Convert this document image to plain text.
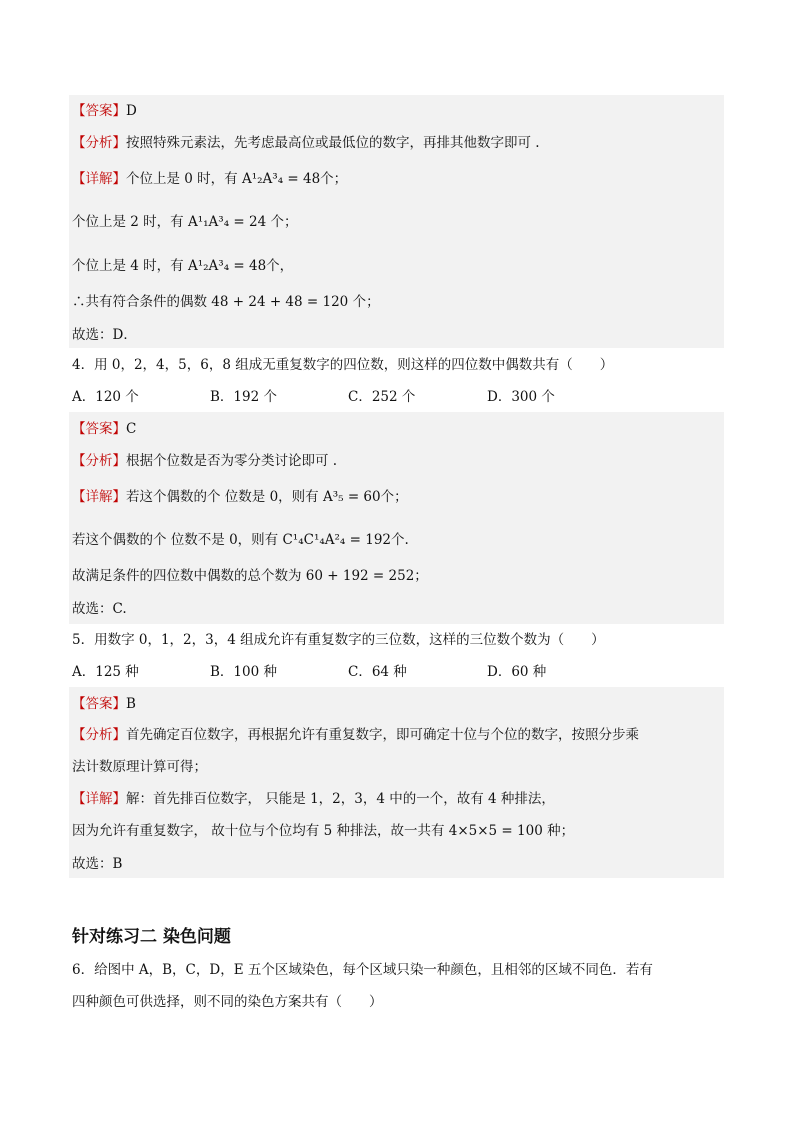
【答案】D
【分析】按照特殊元素法，先考虑最高位或最低位的数字，再排其他数字即可 .
【详解】个位上是 0 时，有 A¹₂A³₄ = 48个；
个位上是 2 时，有 A¹₁A³₄ = 24 个；
个位上是 4 时，有 A¹₂A³₄ = 48个，
∴共有符合条件的偶数 48 + 24 + 48 = 120 个；
故选：D．
4．用 0，2，4，5，6，8 组成无重复数字的四位数，则这样的四位数中偶数共有（　　）
A．120 个	B．192 个	C．252 个	D．300 个
【答案】C
【分析】根据个位数是否为零分类讨论即可 .
【详解】若这个偶数的个 位数是 0，则有 A³₅ = 60个；
若这个偶数的个 位数不是 0，则有 C¹₄C¹₄A²₄ = 192个.
故满足条件的四位数中偶数的总个数为 60 + 192 = 252；
故选：C.
5．用数字 0，1，2，3，4 组成允许有重复数字的三位数，这样的三位数个数为（　　）
A．125 种	B．100 种	C．64 种	D．60 种
【答案】B
【分析】首先确定百位数字，再根据允许有重复数字，即可确定十位与个位的数字，按照分步乘
法计数原理计算可得；
【详解】解：首先排百位数字， 只能是 1，2，3，4 中的一个，故有 4 种排法，
因为允许有重复数字， 故十位与个位均有 5 种排法，故一共有 4×5×5 = 100 种；
故选：B
针对练习二 染色问题
6．给图中 A，B，C，D，E 五个区域染色，每个区域只染一种颜色，且相邻的区域不同色．若有
四种颜色可供选择，则不同的染色方案共有（　　）
